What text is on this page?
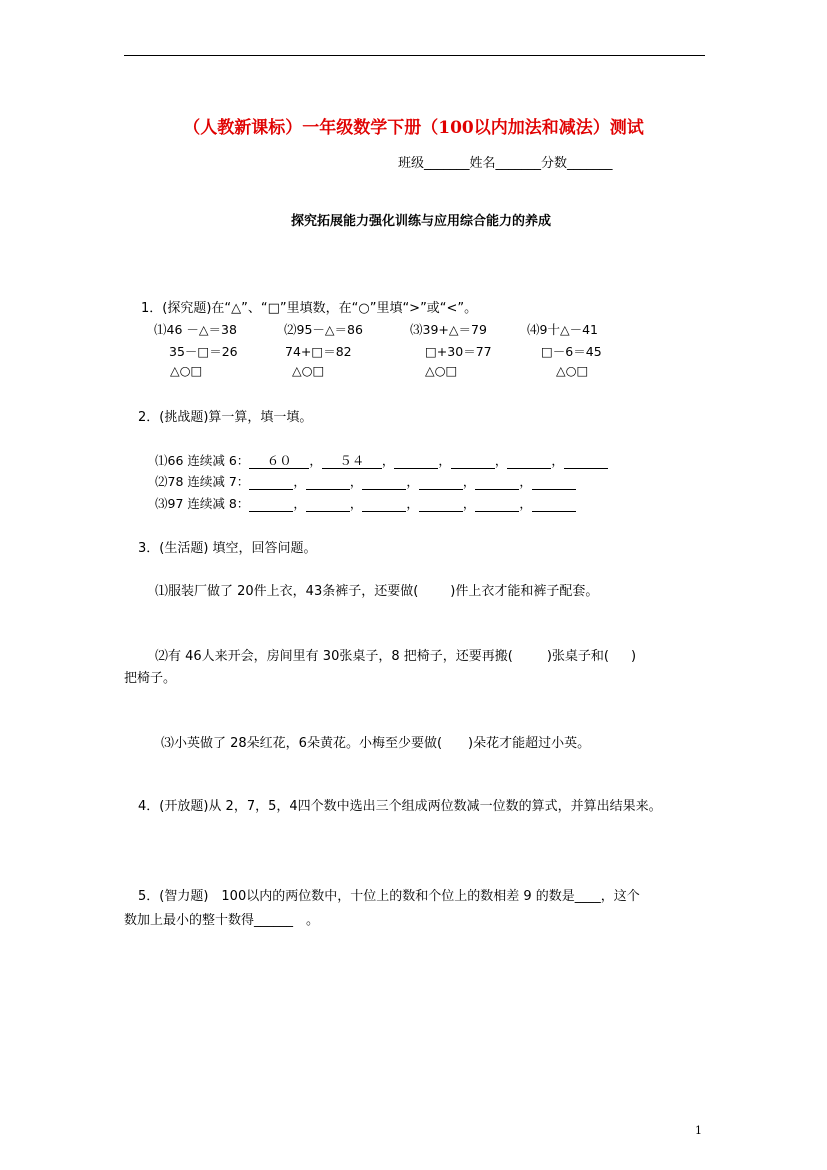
（人教新课标）一年级数学下册（100以内加法和减法）测试
班级_______姓名_______分数_______
探究拓展能力强化训练与应用综合能力的养成
1．(探究题)在“△”、“□”里填数，在“○”里填“>”或“<”。
⑴46 －△＝38	⑵95－△＝86	⑶39+△＝79	⑷9十△－41
35－□＝26	74+□＝82	□+30＝77	□－6＝45
△○□	△○□	△○□	△○□
2．(挑战题)算一算，填一填。
⑴66 连续减 6： ６０ ， ５４ ，	，	，	，
⑵78 连续减 7：	，	，	，	，	，
⑶97 连续减 8：	，	，	，	，	，
3．(生活题) 填空，回答问题。
⑴服装厂做了 20件上衣，43条裤子，还要做( )件上衣才能和裤子配套。
⑵有 46人来开会，房间里有 30张桌子，8 把椅子，还要再搬(	)张桌子和( )
把椅子。
⑶小英做了 28朵红花，6朵黄花。小梅至少要做( )朵花才能超过小英。
4．(开放题)从 2，7，5，4四个数中选出三个组成两位数减一位数的算式，并算出结果来。
5．(智力题)　100以内的两位数中，十位上的数和个位上的数相差 9 的数是____，这个
数加上最小的整十数得______　。
1
